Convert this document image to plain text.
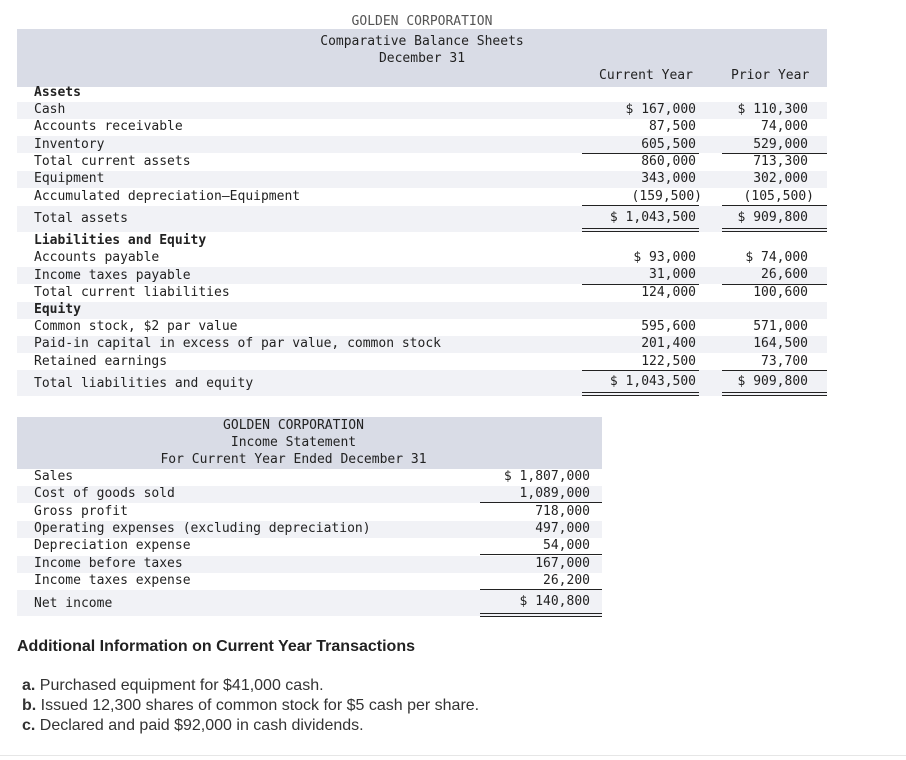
GOLDEN CORPORATION
Comparative Balance Sheets
December 31
Current Year	Prior Year
Assets
Cash	$ 167,000	$ 110,300
Accounts receivable	87,500	74,000
Inventory	605,500	529,000
Total current assets	860,000	713,300
Equipment	343,000	302,000
Accumulated depreciation—Equipment	(159,500)	(105,500)
Total assets	$ 1,043,500	$ 909,800
Liabilities and Equity
Accounts payable	$ 93,000	$ 74,000
Income taxes payable	31,000	26,600
Total current liabilities	124,000	100,600
Equity
Common stock, $2 par value	595,600	571,000
Paid-in capital in excess of par value, common stock	201,400	164,500
Retained earnings	122,500	73,700
Total liabilities and equity	$ 1,043,500	$ 909,800
GOLDEN CORPORATION
Income Statement
For Current Year Ended December 31
Sales	$ 1,807,000
Cost of goods sold	1,089,000
Gross profit	718,000
Operating expenses (excluding depreciation)	497,000
Depreciation expense	54,000
Income before taxes	167,000
Income taxes expense	26,200
Net income	$ 140,800
Additional Information on Current Year Transactions
a. Purchased equipment for $41,000 cash.
b. Issued 12,300 shares of common stock for $5 cash per share.
c. Declared and paid $92,000 in cash dividends.
